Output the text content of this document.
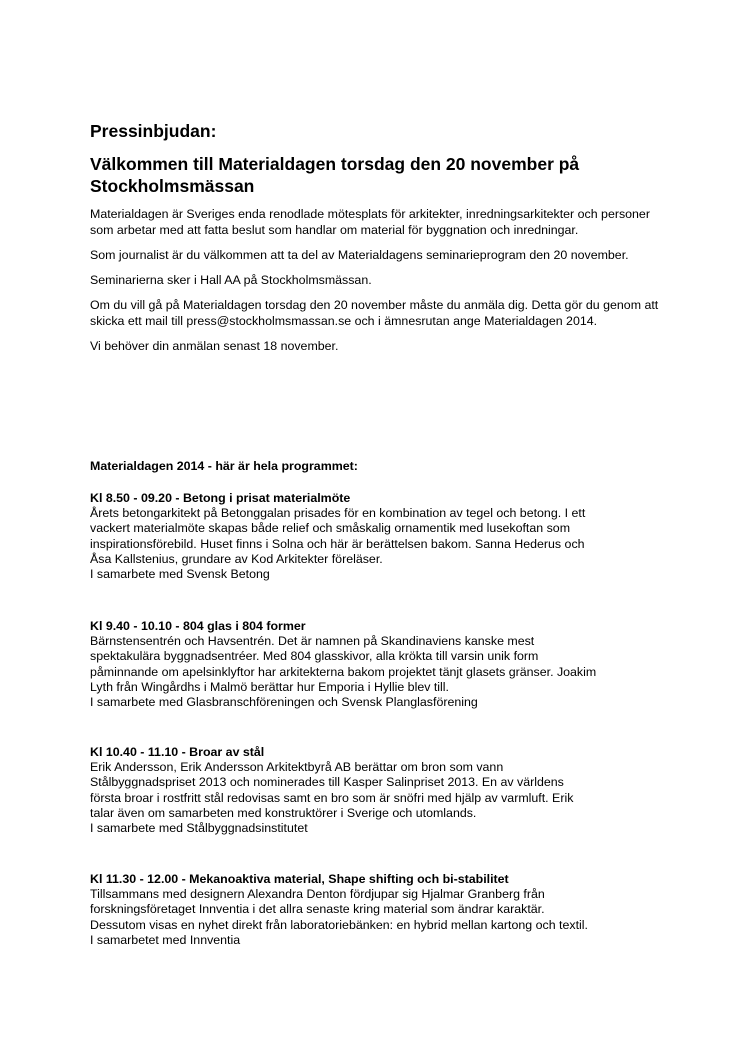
Pressinbjudan:
Välkommen till Materialdagen torsdag den 20 november på Stockholmsmässan

Materialdagen är Sveriges enda renodlade mötesplats för arkitekter, inredningsarkitekter och personer som arbetar med att fatta beslut som handlar om material för byggnation och inredningar.

Som journalist är du välkommen att ta del av Materialdagens seminarieprogram den 20 november.

Seminarierna sker i Hall AA på Stockholmsmässan.

Om du vill gå på Materialdagen torsdag den 20 november måste du anmäla dig. Detta gör du genom att skicka ett mail till press@stockholmsmassan.se och i ämnesrutan ange Materialdagen 2014.

Vi behöver din anmälan senast 18 november.

Materialdagen 2014 - här är hela programmet:
Kl 8.50 - 09.20 - Betong i prisat materialmöte
Årets betongarkitekt på Betonggalan prisades för en kombination av tegel och betong. I ett
vackert materialmöte skapas både relief och småskalig ornamentik med lusekoftan som
inspirationsförebild. Huset finns i Solna och här är berättelsen bakom. Sanna Hederus och
Åsa Kallstenius, grundare av Kod Arkitekter föreläser.
I samarbete med Svensk Betong
Kl 9.40 - 10.10 - 804 glas i 804 former
Bärnstensentrén och Havsentrén. Det är namnen på Skandinaviens kanske mest
spektakulära byggnadsentréer. Med 804 glasskivor, alla krökta till varsin unik form
påminnande om apelsinklyftor har arkitekterna bakom projektet tänjt glasets gränser. Joakim
Lyth från Wingårdhs i Malmö berättar hur Emporia i Hyllie blev till.
I samarbete med Glasbranschföreningen och Svensk Planglasförening
Kl 10.40 - 11.10 - Broar av stål
Erik Andersson, Erik Andersson Arkitektbyrå AB berättar om bron som vann
Stålbyggnadspriset 2013 och nominerades till Kasper Salinpriset 2013. En av världens
första broar i rostfritt stål redovisas samt en bro som är snöfri med hjälp av varmluft. Erik
talar även om samarbeten med konstruktörer i Sverige och utomlands.
I samarbete med Stålbyggnadsinstitutet
Kl 11.30 - 12.00 - Mekanoaktiva material, Shape shifting och bi-stabilitet
Tillsammans med designern Alexandra Denton fördjupar sig Hjalmar Granberg från
forskningsföretaget Innventia i det allra senaste kring material som ändrar karaktär.
Dessutom visas en nyhet direkt från laboratoriebänken: en hybrid mellan kartong och textil.
I samarbetet med Innventia
